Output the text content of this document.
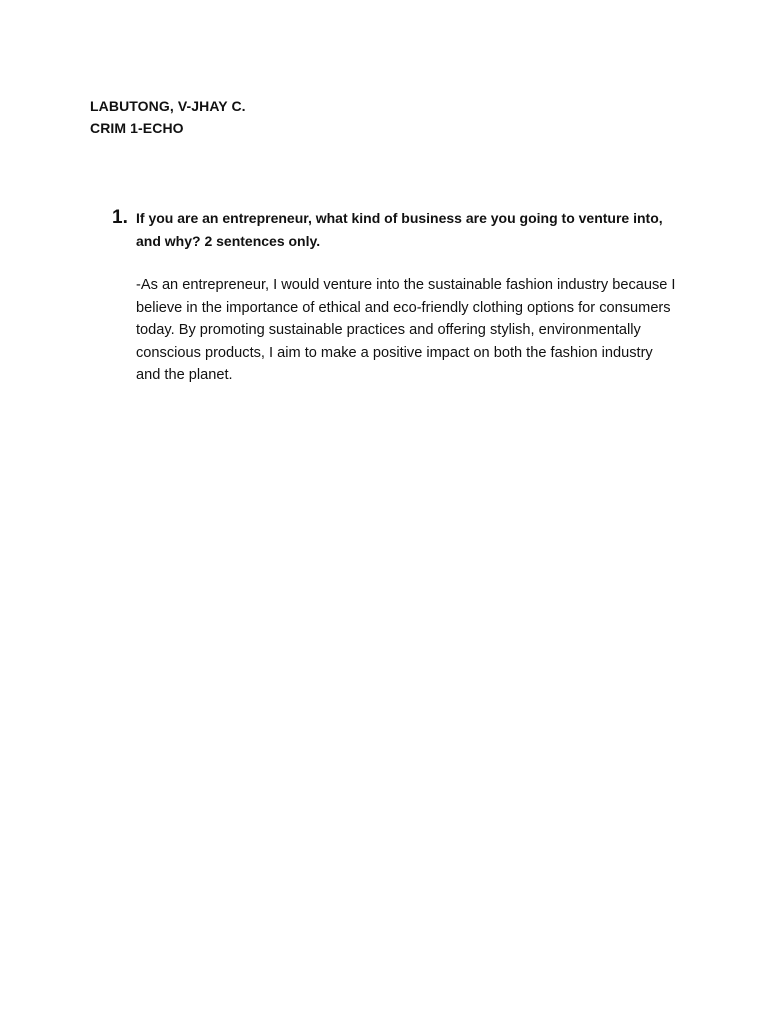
LABUTONG, V-JHAY C.
CRIM 1-ECHO
1. If you are an entrepreneur, what kind of business are you going to venture into, and why? 2 sentences only.
-As an entrepreneur, I would venture into the sustainable fashion industry because I believe in the importance of ethical and eco-friendly clothing options for consumers today. By promoting sustainable practices and offering stylish, environmentally conscious products, I aim to make a positive impact on both the fashion industry and the planet.
